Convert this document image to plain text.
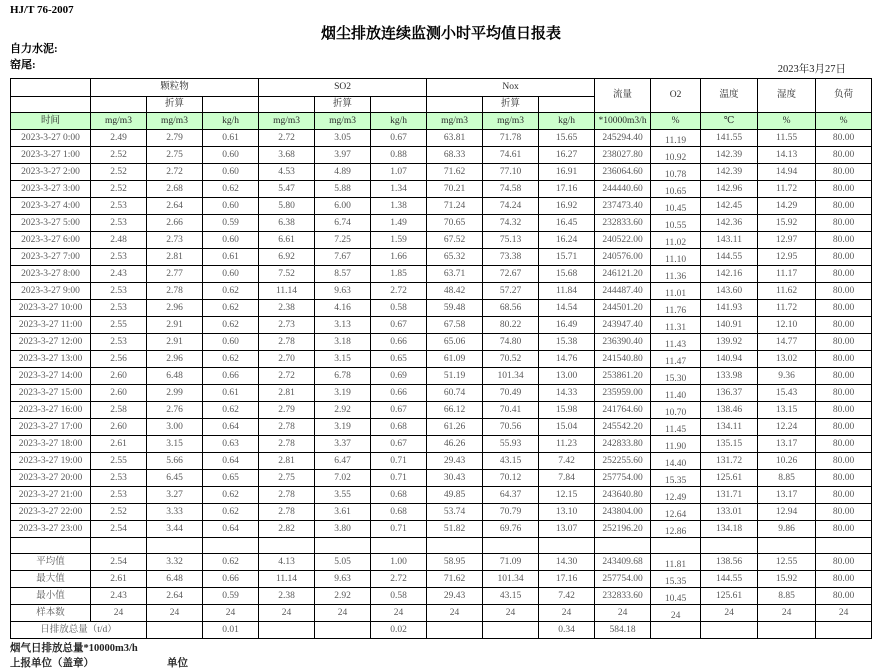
HJ/T 76-2007
烟尘排放连续监测小时平均值日报表
自力水泥:
窑尾:	2023年3月27日
	颗粒物			SO2			Nox			流量	O2	温度	湿度	负荷
		折算			折算			折算						
时间	mg/m3	mg/m3	kg/h	mg/m3	mg/m3	kg/h	mg/m3	mg/m3	kg/h	*10000m3/h	%	℃	%	%
2023-3-27 0:00	2.49	2.79	0.61	2.72	3.05	0.67	63.81	71.78	15.65	245294.40	11.19	141.55	11.55	80.00
2023-3-27 1:00	2.52	2.75	0.60	3.68	3.97	0.88	68.33	74.61	16.27	238027.80	10.92	142.39	14.13	80.00
2023-3-27 2:00	2.52	2.72	0.60	4.53	4.89	1.07	71.62	77.10	16.91	236064.60	10.78	142.39	14.94	80.00
2023-3-27 3:00	2.52	2.68	0.62	5.47	5.88	1.34	70.21	74.58	17.16	244440.60	10.65	142.96	11.72	80.00
2023-3-27 4:00	2.53	2.64	0.60	5.80	6.00	1.38	71.24	74.24	16.92	237473.40	10.45	142.45	14.29	80.00
2023-3-27 5:00	2.53	2.66	0.59	6.38	6.74	1.49	70.65	74.32	16.45	232833.60	10.55	142.36	15.92	80.00
2023-3-27 6:00	2.48	2.73	0.60	6.61	7.25	1.59	67.52	75.13	16.24	240522.00	11.02	143.11	12.97	80.00
2023-3-27 7:00	2.53	2.81	0.61	6.92	7.67	1.66	65.32	73.38	15.71	240576.00	11.10	144.55	12.95	80.00
2023-3-27 8:00	2.43	2.77	0.60	7.52	8.57	1.85	63.71	72.67	15.68	246121.20	11.36	142.16	11.17	80.00
2023-3-27 9:00	2.53	2.78	0.62	11.14	9.63	2.72	48.42	57.27	11.84	244487.40	11.01	143.60	11.62	80.00
2023-3-27 10:00	2.53	2.96	0.62	2.38	4.16	0.58	59.48	68.56	14.54	244501.20	11.76	141.93	11.72	80.00
2023-3-27 11:00	2.55	2.91	0.62	2.73	3.13	0.67	67.58	80.22	16.49	243947.40	11.31	140.91	12.10	80.00
2023-3-27 12:00	2.53	2.91	0.60	2.78	3.18	0.66	65.06	74.80	15.38	236390.40	11.43	139.92	14.77	80.00
2023-3-27 13:00	2.56	2.96	0.62	2.70	3.15	0.65	61.09	70.52	14.76	241540.80	11.47	140.94	13.02	80.00
2023-3-27 14:00	2.60	6.48	0.66	2.72	6.78	0.69	51.19	101.34	13.00	253861.20	15.30	133.98	9.36	80.00
2023-3-27 15:00	2.60	2.99	0.61	2.81	3.19	0.66	60.74	70.49	14.33	235959.00	11.40	136.37	15.43	80.00
2023-3-27 16:00	2.58	2.76	0.62	2.79	2.92	0.67	66.12	70.41	15.98	241764.60	10.70	138.46	13.15	80.00
2023-3-27 17:00	2.60	3.00	0.64	2.78	3.19	0.68	61.26	70.56	15.04	245542.20	11.45	134.11	12.24	80.00
2023-3-27 18:00	2.61	3.15	0.63	2.78	3.37	0.67	46.26	55.93	11.23	242833.80	11.90	135.15	13.17	80.00
2023-3-27 19:00	2.55	5.66	0.64	2.81	6.47	0.71	29.43	43.15	7.42	252255.60	14.40	131.72	10.26	80.00
2023-3-27 20:00	2.53	6.45	0.65	2.75	7.02	0.71	30.43	70.12	7.84	257754.00	15.35	125.61	8.85	80.00
2023-3-27 21:00	2.53	3.27	0.62	2.78	3.55	0.68	49.85	64.37	12.15	243640.80	12.49	131.71	13.17	80.00
2023-3-27 22:00	2.52	3.33	0.62	2.78	3.61	0.68	53.74	70.79	13.10	243804.00	12.64	133.01	12.94	80.00
2023-3-27 23:00	2.54	3.44	0.64	2.82	3.80	0.71	51.82	69.76	13.07	252196.20	12.86	134.18	9.86	80.00

平均值	2.54	3.32	0.62	4.13	5.05	1.00	58.95	71.09	14.30	243409.68	11.81	138.56	12.55	80.00
最大值	2.61	6.48	0.66	11.14	9.63	2.72	71.62	101.34	17.16	257754.00	15.35	144.55	15.92	80.00
最小值	2.43	2.64	0.59	2.38	2.92	0.58	29.43	43.15	7.42	232833.60	10.45	125.61	8.85	80.00
样本数	24	24	24	24	24	24	24	24	24	24	24	24	24	24
日排放总量（t/d）			0.01			0.02			0.34	584.18				
烟气日排放总量*10000m3/h
上报单位（盖章）	单位
